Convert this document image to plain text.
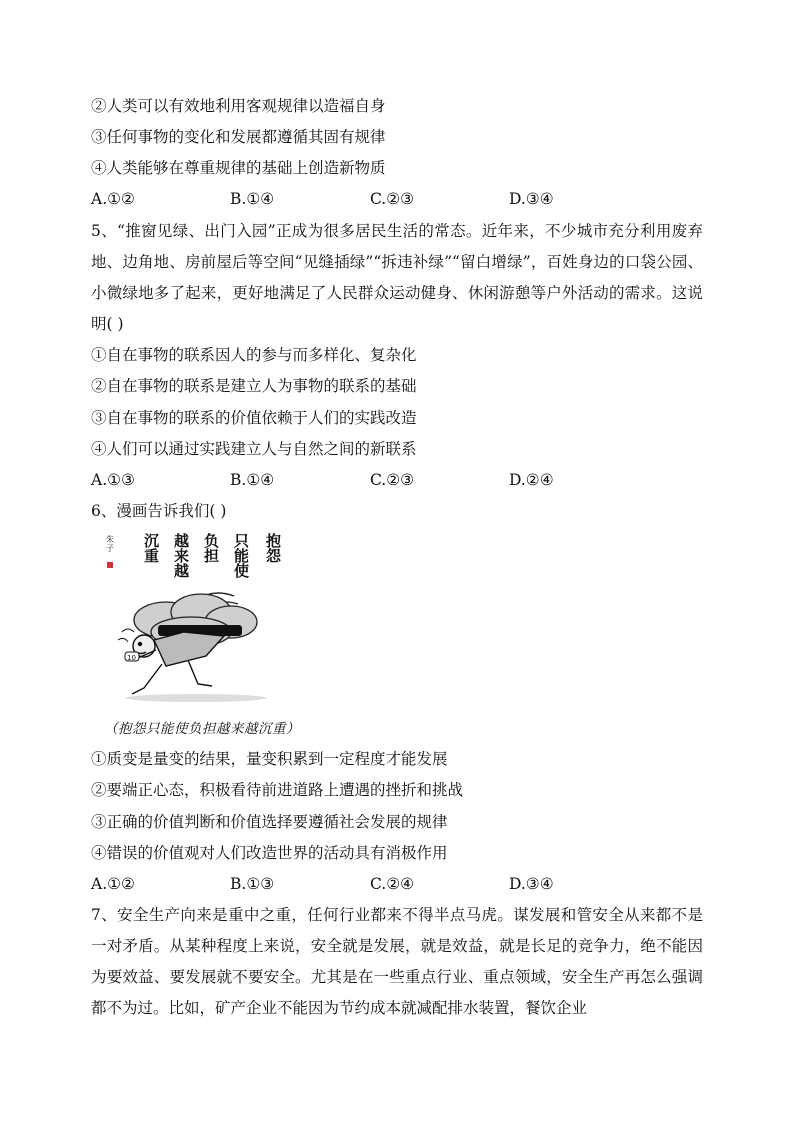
②人类可以有效地利用客观规律以造福自身
③任何事物的变化和发展都遵循其固有规律
④人类能够在尊重规律的基础上创造新物质
A.①②	B.①④	C.②③	D.③④
5、“推窗见绿、出门入园”正成为很多居民生活的常态。近年来，不少城市充分利用废弃地、边角地、房前屋后等空间“见缝插绿”“拆违补绿”“留白增绿”，百姓身边的口袋公园、小微绿地多了起来，更好地满足了人民群众运动健身、休闲游憩等户外活动的需求。这说明( )
①自在事物的联系因人的参与而多样化、复杂化
②自在事物的联系是建立人为事物的联系的基础
③自在事物的联系的价值依赖于人们的实践改造
④人们可以通过实践建立人与自然之间的新联系
A.①③	B.①④	C.②③	D.②④
6、漫画告诉我们( )
抱怨
只能使
负担
越来越
沉重
朱子
10
（抱怨只能使负担越来越沉重）
①质变是量变的结果，量变积累到一定程度才能发展
②要端正心态，积极看待前进道路上遭遇的挫折和挑战
③正确的价值判断和价值选择要遵循社会发展的规律
④错误的价值观对人们改造世界的活动具有消极作用
A.①②	B.①③	C.②④	D.③④
7、安全生产向来是重中之重，任何行业都来不得半点马虎。谋发展和管安全从来都不是一对矛盾。从某种程度上来说，安全就是发展，就是效益，就是长足的竞争力，绝不能因为要效益、要发展就不要安全。尤其是在一些重点行业、重点领域，安全生产再怎么强调都不为过。比如，矿产企业不能因为节约成本就减配排水装置，餐饮企业
